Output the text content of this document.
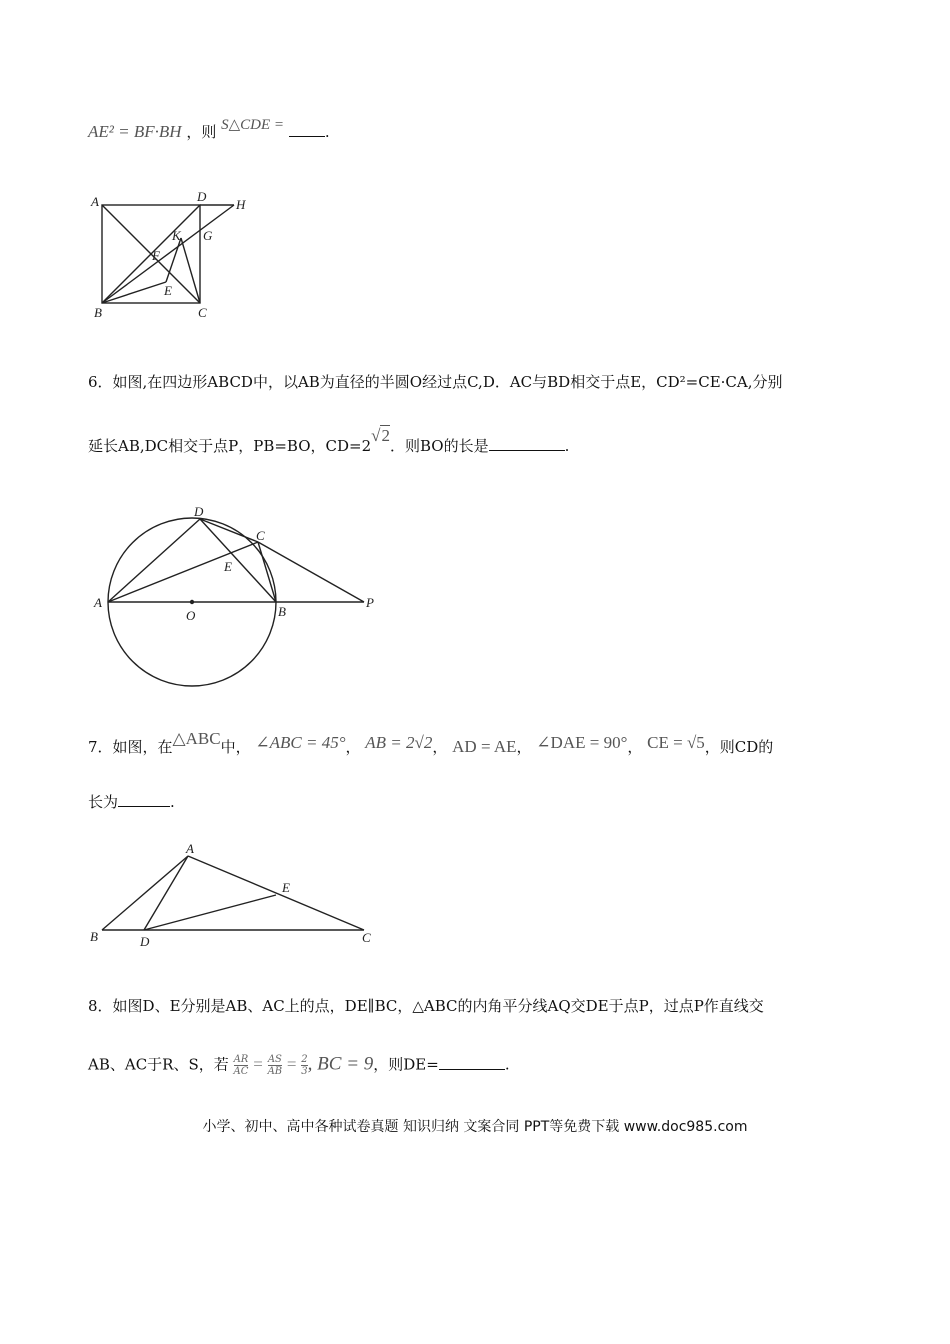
AE² = BF·BH ，则 S△CDE =	.
A	D
H
K G
F
E
B	C
6．如图,在四边形ABCD中，以AB为直径的半圆O经过点C,D．AC与BD相交于点E，CD²=CE·CA,分别
延长AB,DC相交于点P，PB=BO，CD=2√2．则BO的长是	.
D
C
E
A
O	B
P
7．如图，在△ABC中， ∠ABC = 45°， AB = 2√2， AD = AE， ∠DAE = 90°， CE = √5，则CD的
长为	.
A
E
B	D	C
8．如图D、E分别是AB、AC上的点，DE∥BC，△ABC的内角平分线AQ交DE于点P，过点P作直线交
AB、AC于R、S，若 $\frac{AR}{AC} = \frac{AS}{AB} = \frac{2}{3}$ , BC = 9，则DE=	.
小学、初中、高中各种试卷真题 知识归纳 文案合同 PPT等免费下载 www.doc985.com
